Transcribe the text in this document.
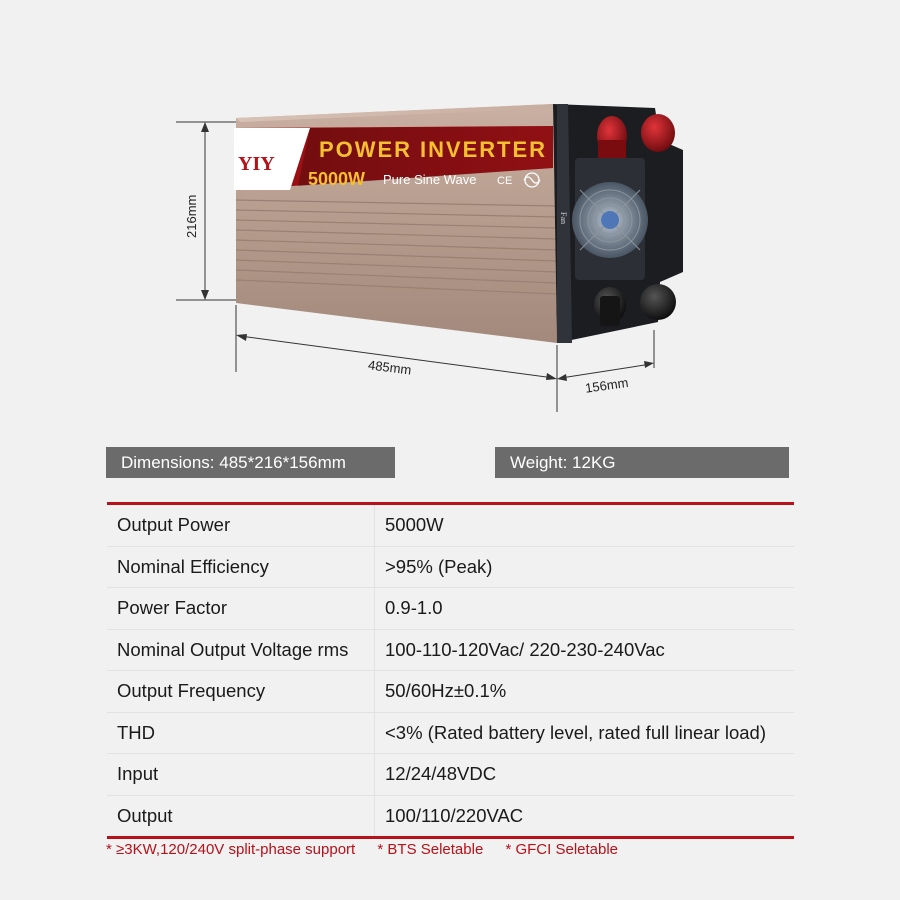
216mm
485mm
156mm
YIY
POWER INVERTER
5000W Pure Sine Wave CE
Fan
Dimensions: 485*216*156mm	Weight: 12KG
Output Power	5000W
Nominal Efficiency	>95% (Peak)
Power Factor	0.9-1.0
Nominal Output Voltage rms	100-110-120Vac/ 220-230-240Vac
Output Frequency	50/60Hz±0.1%
THD	<3% (Rated battery level, rated full linear load)
Input	12/24/48VDC
Output	100/110/220VAC
* ≥3KW,120/240V split-phase support * BTS Seletable * GFCI Seletable
